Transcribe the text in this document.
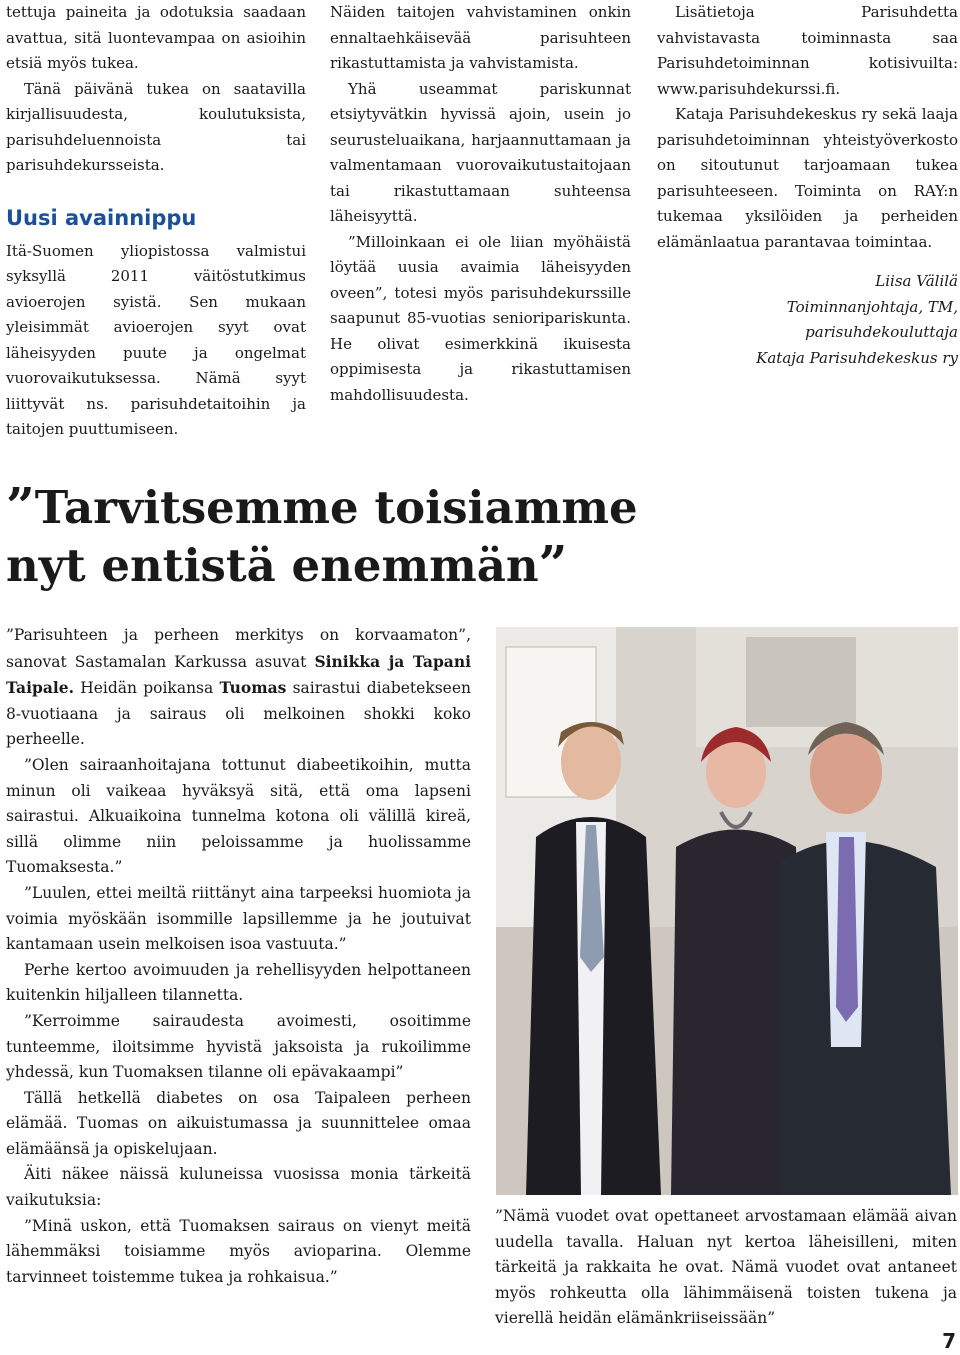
tettuja paineita ja odotuksia saadaan avattua, sitä luontevampaa on asioihin etsiä myös tukea.

Tänä päivänä tukea on saatavilla kirjallisuudesta, koulutuksista, parisuhdeluennoista tai parisuhdekursseista.

Uusi avainnippu

Itä-Suomen yliopistossa valmistui syksyllä 2011 väitöstutkimus avioerojen syistä. Sen mukaan yleisimmät avioerojen syyt ovat läheisyyden puute ja ongelmat vuorovaikutuksessa. Nämä syyt liittyvät ns. parisuhdetaitoihin ja taitojen puuttumiseen.

Näiden taitojen vahvistaminen onkin ennaltaehkäisevää parisuhteen rikastuttamista ja vahvistamista.

Yhä useammat pariskunnat etsiytyvätkin hyvissä ajoin, usein jo seurusteluaikana, harjaannuttamaan ja valmentamaan vuorovaikutustaitojaan tai rikastuttamaan suhteensa läheisyyttä.

”Milloinkaan ei ole liian myöhäistä löytää uusia avaimia läheisyyden oveen”, totesi myös parisuhdekurssille saapunut 85-vuotias senioripariskunta. He olivat esimerkkinä ikuisesta oppimisesta ja rikastuttamisen mahdollisuudesta.

Lisätietoja Parisuhdetta vahvistavasta toiminnasta saa Parisuhdetoiminnan kotisivuilta: www.parisuhdekurssi.fi.

Kataja Parisuhdekeskus ry sekä laaja parisuhdetoiminnan yhteistyöverkosto on sitoutunut tarjoamaan tukea parisuhteeseen. Toiminta on RAY:n tukemaa yksilöiden ja perheiden elämänlaatua parantavaa toimintaa.

Liisa Välilä

Toiminnanjohtaja, TM,

parisuhdekouluttaja

Kataja Parisuhdekeskus ry

”Tarvitsemme toisiamme
nyt entistä enemmän”

”Parisuhteen ja perheen merkitys on korvaamaton”, sanovat Sastamalan Karkussa asuvat Sinikka ja Tapani Taipale. Heidän poikansa Tuomas sairastui diabetekseen 8-vuotiaana ja sairaus oli melkoinen shokki koko perheelle.

”Olen sairaanhoitajana tottunut diabeetikoihin, mutta minun oli vaikeaa hyväksyä sitä, että oma lapseni sairastui. Alkuaikoina tunnelma kotona oli välillä kireä, sillä olimme niin peloissamme ja huolissamme Tuomaksesta.”

”Luulen, ettei meiltä riittänyt aina tarpeeksi huomiota ja voimia myöskään isommille lapsillemme ja he joutuivat kantamaan usein melkoisen isoa vastuuta.”

Perhe kertoo avoimuuden ja rehellisyyden helpottaneen kuitenkin hiljalleen tilannetta.

”Kerroimme sairaudesta avoimesti, osoitimme tunteemme, iloitsimme hyvistä jaksoista ja rukoilimme yhdessä, kun Tuomaksen tilanne oli epävakaampi”

Tällä hetkellä diabetes on osa Taipaleen perheen elämää. Tuomas on aikuistumassa ja suunnittelee omaa elämäänsä ja opiskelujaan.

Äiti näkee näissä kuluneissa vuosissa monia tärkeitä vaikutuksia:

”Minä uskon, että Tuomaksen sairaus on vienyt meitä lähemmäksi toisiamme myös avioparina. Olemme tarvinneet toistemme tukea ja rohkaisua.”

”Nämä vuodet ovat opettaneet arvostamaan elämää aivan uudella tavalla. Haluan nyt kertoa läheisilleni, miten tärkeitä ja rakkaita he ovat. Nämä vuodet ovat antaneet myös rohkeutta olla lähimmäisenä toisten tukena ja vierellä heidän elämänkriiseissään”

7
